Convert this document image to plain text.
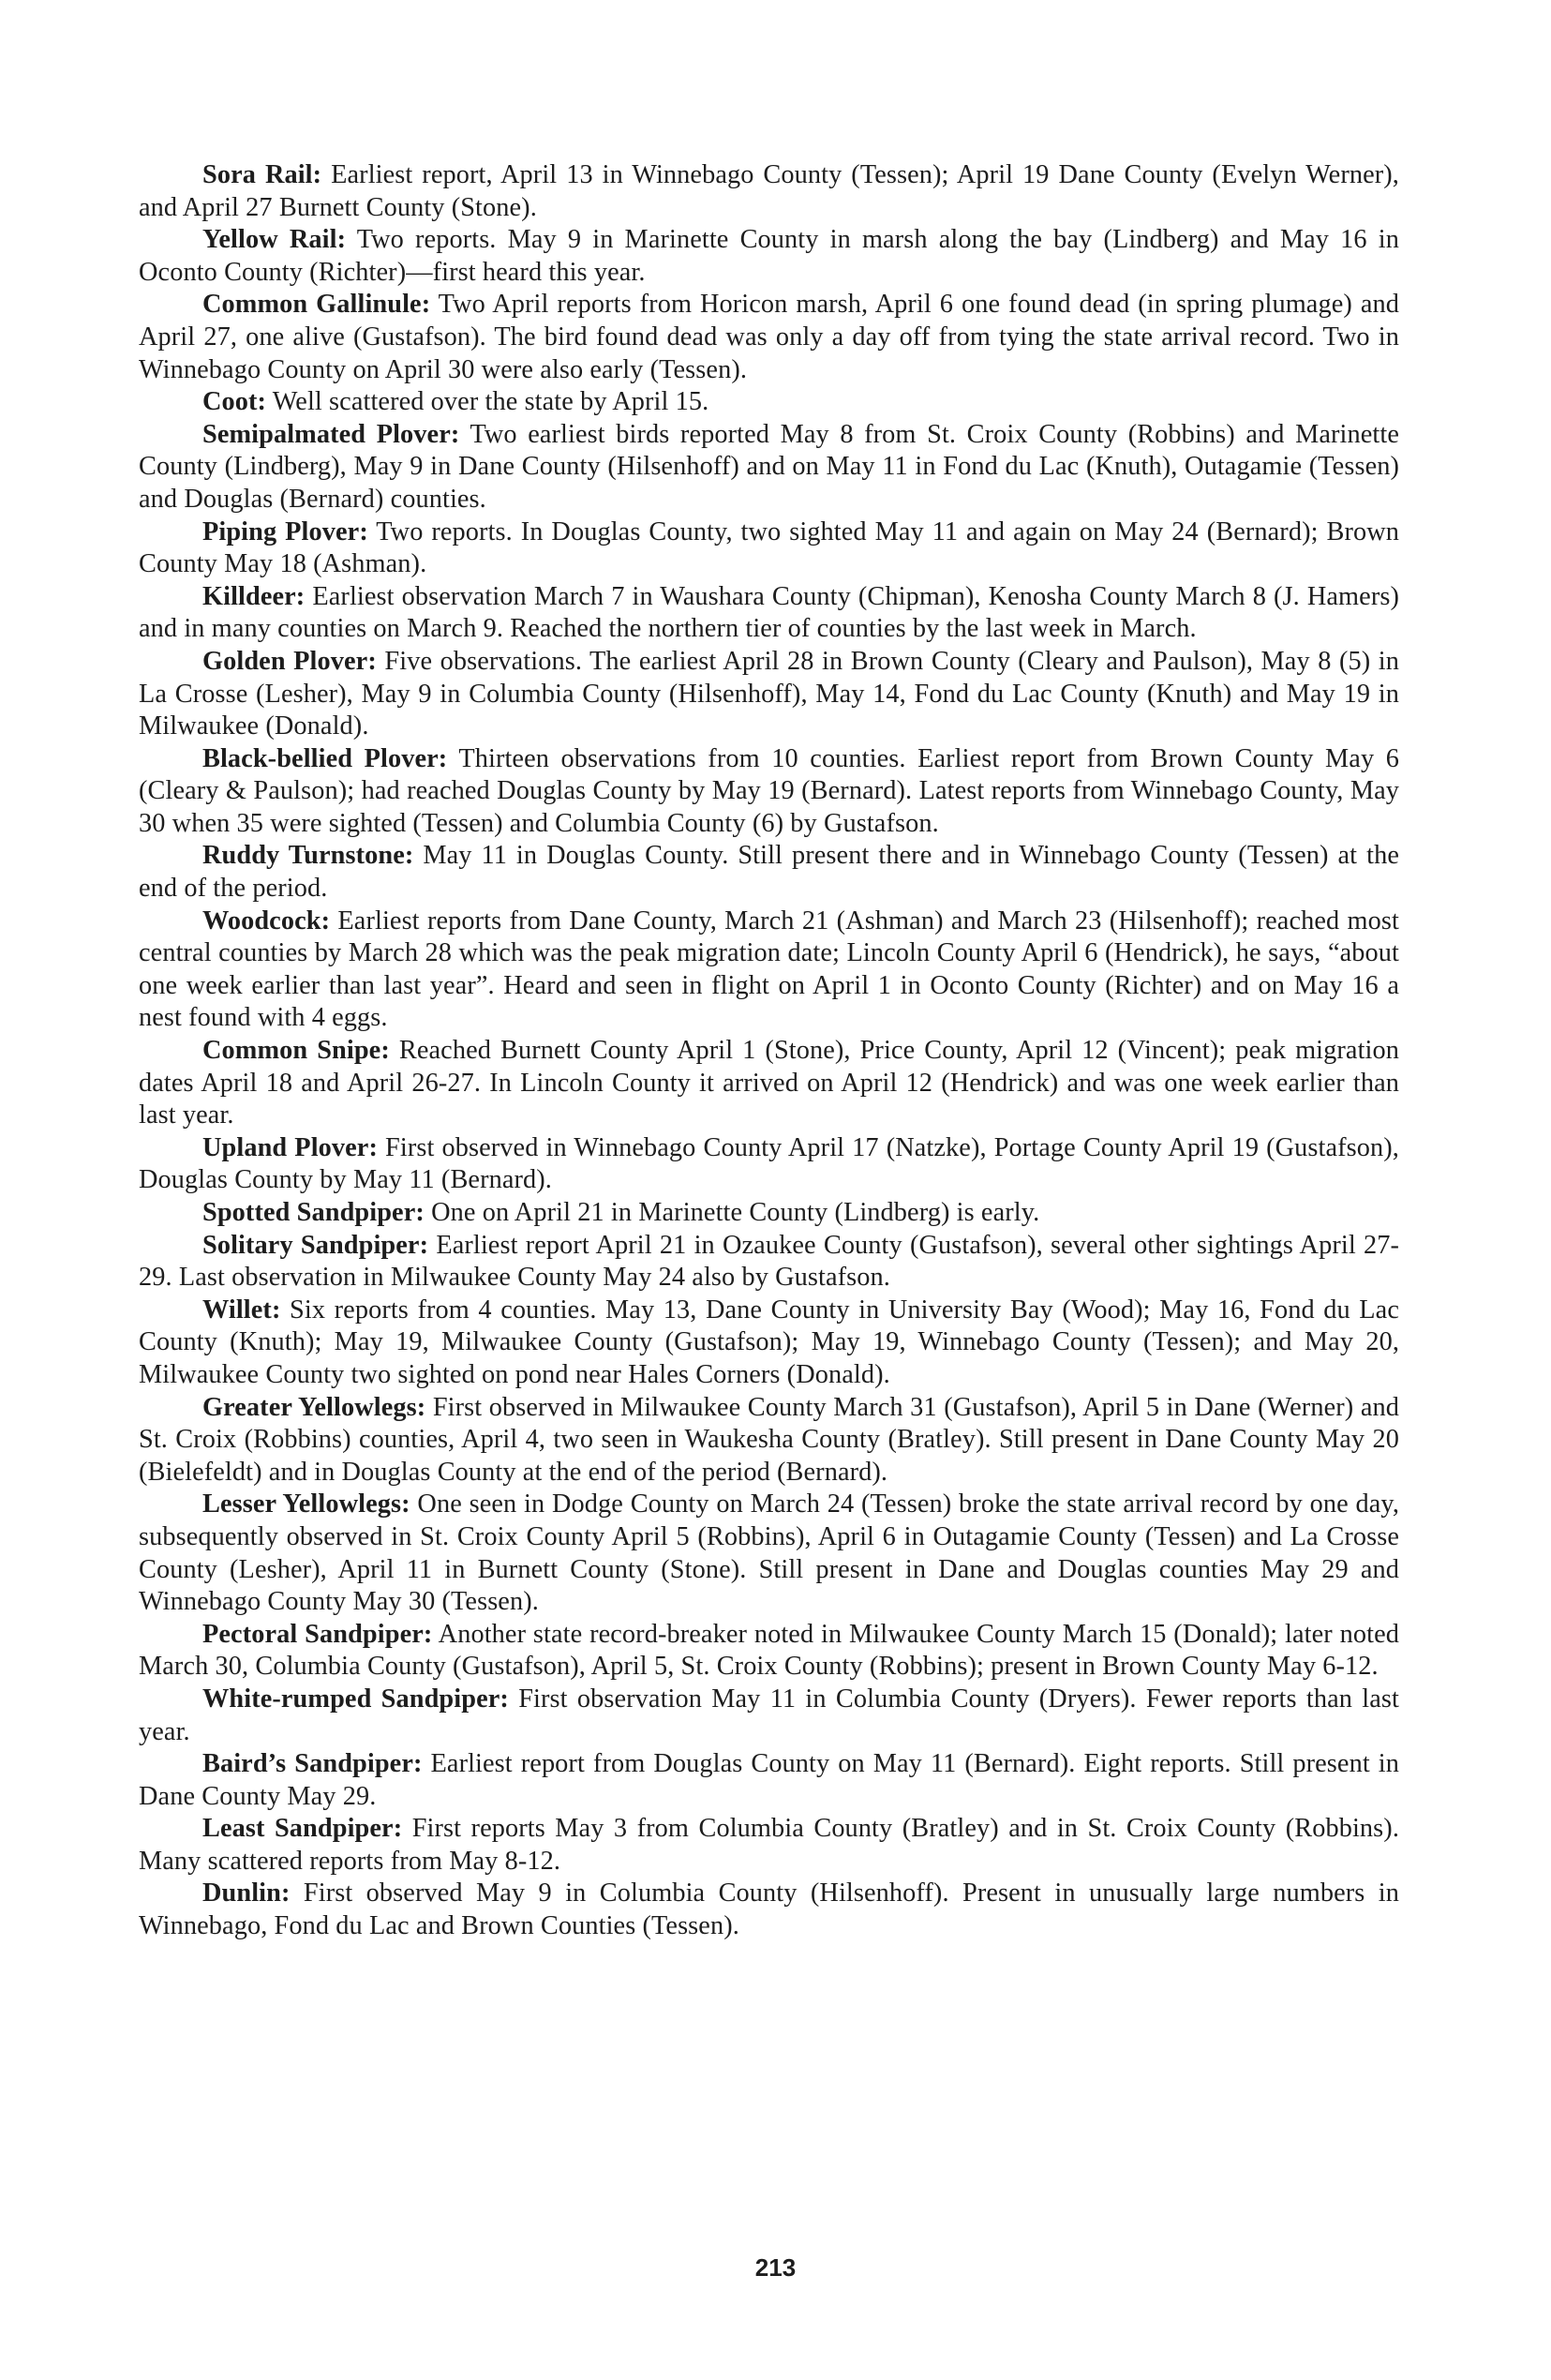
Sora Rail: Earliest report, April 13 in Winnebago County (Tessen); April 19 Dane County (Evelyn Werner), and April 27 Burnett County (Stone).

Yellow Rail: Two reports. May 9 in Marinette County in marsh along the bay (Lindberg) and May 16 in Oconto County (Richter)—first heard this year.

Common Gallinule: Two April reports from Horicon marsh, April 6 one found dead (in spring plumage) and April 27, one alive (Gustafson). The bird found dead was only a day off from tying the state arrival record. Two in Winnebago County on April 30 were also early (Tessen).

Coot: Well scattered over the state by April 15.

Semipalmated Plover: Two earliest birds reported May 8 from St. Croix County (Robbins) and Marinette County (Lindberg), May 9 in Dane County (Hilsenhoff) and on May 11 in Fond du Lac (Knuth), Outagamie (Tessen) and Douglas (Bernard) counties.

Piping Plover: Two reports. In Douglas County, two sighted May 11 and again on May 24 (Bernard); Brown County May 18 (Ashman).

Killdeer: Earliest observation March 7 in Waushara County (Chipman), Kenosha County March 8 (J. Hamers) and in many counties on March 9. Reached the northern tier of counties by the last week in March.

Golden Plover: Five observations. The earliest April 28 in Brown County (Cleary and Paulson), May 8 (5) in La Crosse (Lesher), May 9 in Columbia County (Hilsenhoff), May 14, Fond du Lac County (Knuth) and May 19 in Milwaukee (Donald).

Black-bellied Plover: Thirteen observations from 10 counties. Earliest report from Brown County May 6 (Cleary & Paulson); had reached Douglas County by May 19 (Bernard). Latest reports from Winnebago County, May 30 when 35 were sighted (Tessen) and Columbia County (6) by Gustafson.

Ruddy Turnstone: May 11 in Douglas County. Still present there and in Winnebago County (Tessen) at the end of the period.

Woodcock: Earliest reports from Dane County, March 21 (Ashman) and March 23 (Hilsenhoff); reached most central counties by March 28 which was the peak migration date; Lincoln County April 6 (Hendrick), he says, “about one week earlier than last year”. Heard and seen in flight on April 1 in Oconto County (Richter) and on May 16 a nest found with 4 eggs.

Common Snipe: Reached Burnett County April 1 (Stone), Price County, April 12 (Vincent); peak migration dates April 18 and April 26-27. In Lincoln County it arrived on April 12 (Hendrick) and was one week earlier than last year.

Upland Plover: First observed in Winnebago County April 17 (Natzke), Portage County April 19 (Gustafson), Douglas County by May 11 (Bernard).

Spotted Sandpiper: One on April 21 in Marinette County (Lindberg) is early.

Solitary Sandpiper: Earliest report April 21 in Ozaukee County (Gustafson), several other sightings April 27-29. Last observation in Milwaukee County May 24 also by Gustafson.

Willet: Six reports from 4 counties. May 13, Dane County in University Bay (Wood); May 16, Fond du Lac County (Knuth); May 19, Milwaukee County (Gustafson); May 19, Winnebago County (Tessen); and May 20, Milwaukee County two sighted on pond near Hales Corners (Donald).

Greater Yellowlegs: First observed in Milwaukee County March 31 (Gustafson), April 5 in Dane (Werner) and St. Croix (Robbins) counties, April 4, two seen in Waukesha County (Bratley). Still present in Dane County May 20 (Bielefeldt) and in Douglas County at the end of the period (Bernard).

Lesser Yellowlegs: One seen in Dodge County on March 24 (Tessen) broke the state arrival record by one day, subsequently observed in St. Croix County April 5 (Robbins), April 6 in Outagamie County (Tessen) and La Crosse County (Lesher), April 11 in Burnett County (Stone). Still present in Dane and Douglas counties May 29 and Winnebago County May 30 (Tessen).

Pectoral Sandpiper: Another state record-breaker noted in Milwaukee County March 15 (Donald); later noted March 30, Columbia County (Gustafson), April 5, St. Croix County (Robbins); present in Brown County May 6-12.

White-rumped Sandpiper: First observation May 11 in Columbia County (Dryers). Fewer reports than last year.

Baird’s Sandpiper: Earliest report from Douglas County on May 11 (Bernard). Eight reports. Still present in Dane County May 29.

Least Sandpiper: First reports May 3 from Columbia County (Bratley) and in St. Croix County (Robbins). Many scattered reports from May 8-12.

Dunlin: First observed May 9 in Columbia County (Hilsenhoff). Present in unusually large numbers in Winnebago, Fond du Lac and Brown Counties (Tessen).

213
